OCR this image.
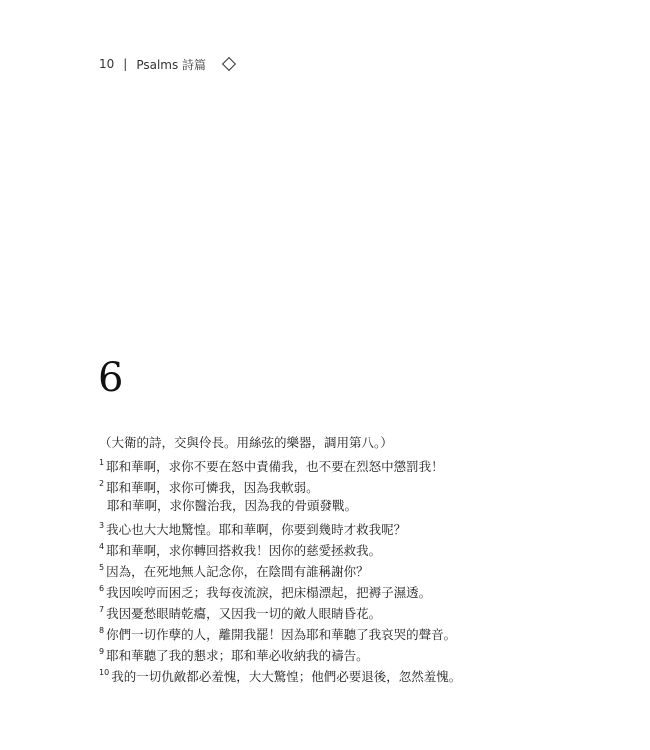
10 | Psalms 詩篇
6
（大衛的詩，交與伶長。用絲弦的樂器，調用第八。）
$^1$ 耶和華啊，求你不要在怒中責備我，也不要在烈怒中懲罰我！
$^2$ 耶和華啊，求你可憐我，因為我軟弱。
耶和華啊，求你醫治我，因為我的骨頭發戰。
$^3$ 我心也大大地驚惶。耶和華啊，你要到幾時才救我呢？
$^4$ 耶和華啊，求你轉回搭救我！因你的慈愛拯救我。
$^5$ 因為，在死地無人記念你，在陰間有誰稱謝你？
$^6$ 我因唉哼而困乏；我每夜流淚，把床榻漂起，把褥子濕透。
$^7$ 我因憂愁眼睛乾癟，又因我一切的敵人眼睛昏花。
$^8$ 你們一切作孽的人，離開我罷！因為耶和華聽了我哀哭的聲音。
$^9$ 耶和華聽了我的懇求；耶和華必收納我的禱告。
$^{10}$ 我的一切仇敵都必羞愧，大大驚惶；他們必要退後，忽然羞愧。
